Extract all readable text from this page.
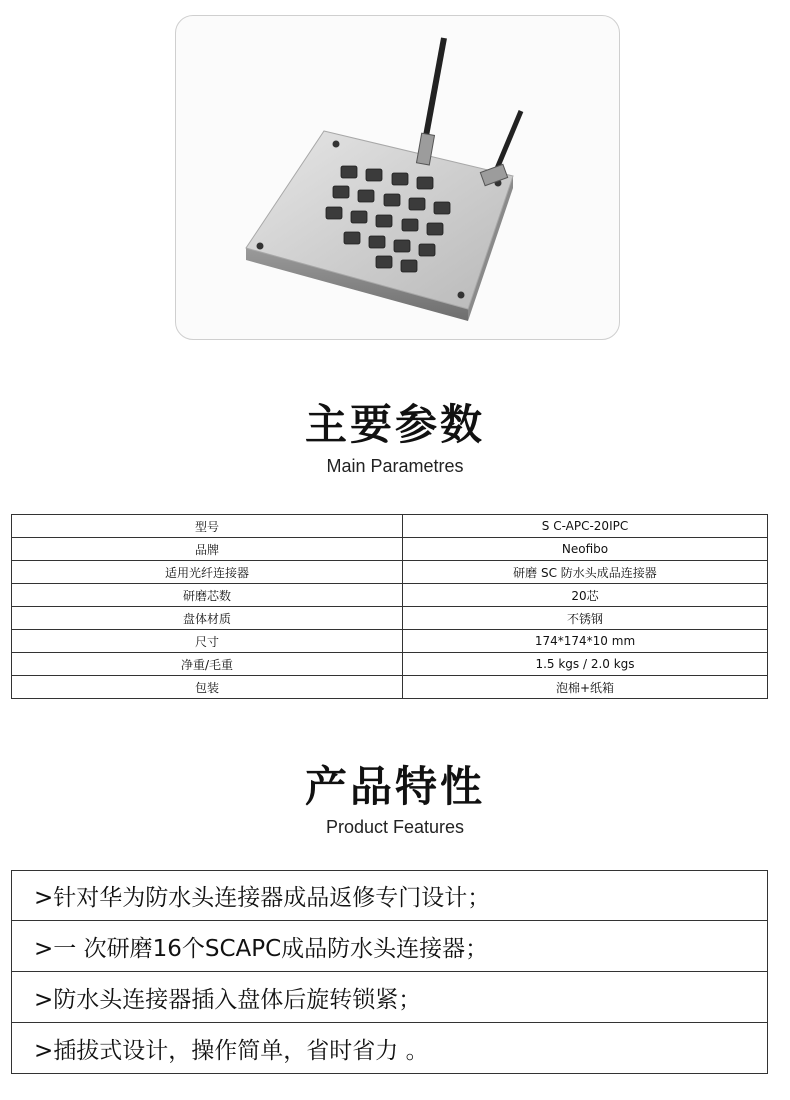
主要参数
Main Parametres
型号	S C-APC-20IPC
品牌	Neofibo
适用光纤连接器	研磨 SC 防水头成品连接器
研磨芯数	20芯
盘体材质	不锈钢
尺寸	174*174*10 mm
净重/毛重	1.5 kgs / 2.0 kgs
包装	泡棉+纸箱
产品特性
Product Features
>针对华为防水头连接器成品返修专门设计；
>一 次研磨16个SCAPC成品防水头连接器；
>防水头连接器插入盘体后旋转锁紧；
>插拔式设计，操作简单，省时省力 。
